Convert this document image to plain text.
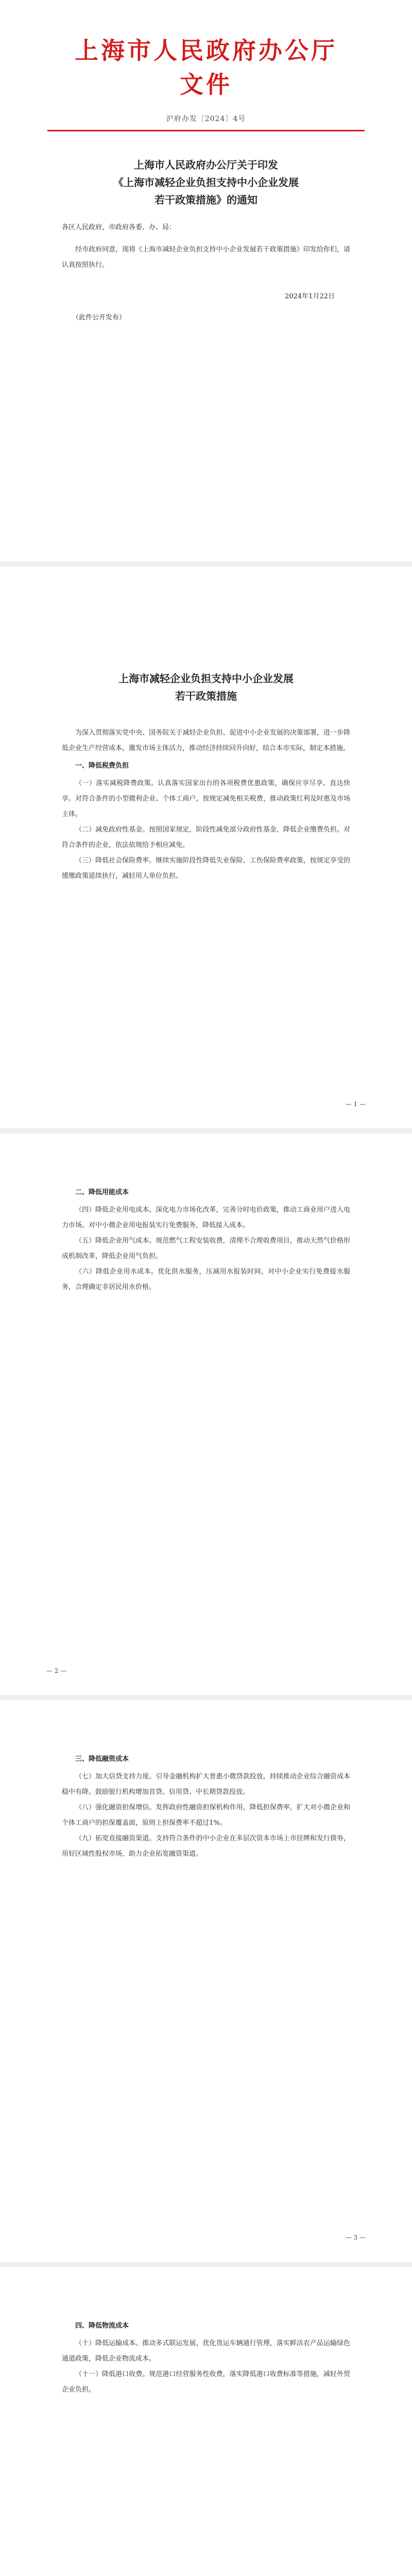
上海市人民政府办公厅文件
沪府办发〔2024〕4号
上海市人民政府办公厅关于印发
《上海市减轻企业负担支持中小企业发展
若干政策措施》的通知

各区人民政府，市政府各委、办、局：

经市政府同意，现将《上海市减轻企业负担支持中小企业发展若干政策措施》印发给你们，请认真按照执行。

2024年1月22日
（此件公开发布）
上海市减轻企业负担支持中小企业发展
若干政策措施

为深入贯彻落实党中央、国务院关于减轻企业负担、促进中小企业发展的决策部署，进一步降低企业生产经营成本，激发市场主体活力，推动经济持续回升向好，结合本市实际，制定本措施。

一、降低税费负担

（一）落实减税降费政策。认真落实国家出台的各项税费优惠政策，确保应享尽享、直达快享。对符合条件的小型微利企业、个体工商户，按规定减免相关税费，推动政策红利及时惠及市场主体。

（二）减免政府性基金。按照国家规定，阶段性减免部分政府性基金，降低企业缴费负担。对符合条件的企业，依法依规给予相应减免。

（三）降低社会保险费率。继续实施阶段性降低失业保险、工伤保险费率政策，按规定享受的缓缴政策延续执行，减轻用人单位负担。

— 1 —
二、降低用能成本

（四）降低企业用电成本。深化电力市场化改革，完善分时电价政策，推动工商业用户进入电力市场。对中小微企业用电报装实行免费服务，降低接入成本。

（五）降低企业用气成本。规范燃气工程安装收费，清理不合理收费项目，推动天然气价格形成机制改革，降低企业用气负担。

（六）降低企业用水成本。优化供水服务，压减用水报装时间，对中小企业实行免费接水服务，合理确定非居民用水价格。

— 2 —
三、降低融资成本

（七）加大信贷支持力度。引导金融机构扩大普惠小微贷款投放，持续推动企业综合融资成本稳中有降。鼓励银行机构增加首贷、信用贷、中长期贷款投放。

（八）强化融资担保增信。发挥政府性融资担保机构作用，降低担保费率，扩大对小微企业和个体工商户的担保覆盖面，原则上担保费率不超过1%。

（九）拓宽直接融资渠道。支持符合条件的中小企业在多层次资本市场上市挂牌和发行债券，用好区域性股权市场，助力企业拓宽融资渠道。

— 3 —
四、降低物流成本

（十）降低运输成本。推动多式联运发展，优化货运车辆通行管理，落实鲜活农产品运输绿色通道政策，降低企业物流成本。

（十一）降低港口收费。规范港口经营服务性收费，落实降低港口收费标准等措施，减轻外贸企业负担。
